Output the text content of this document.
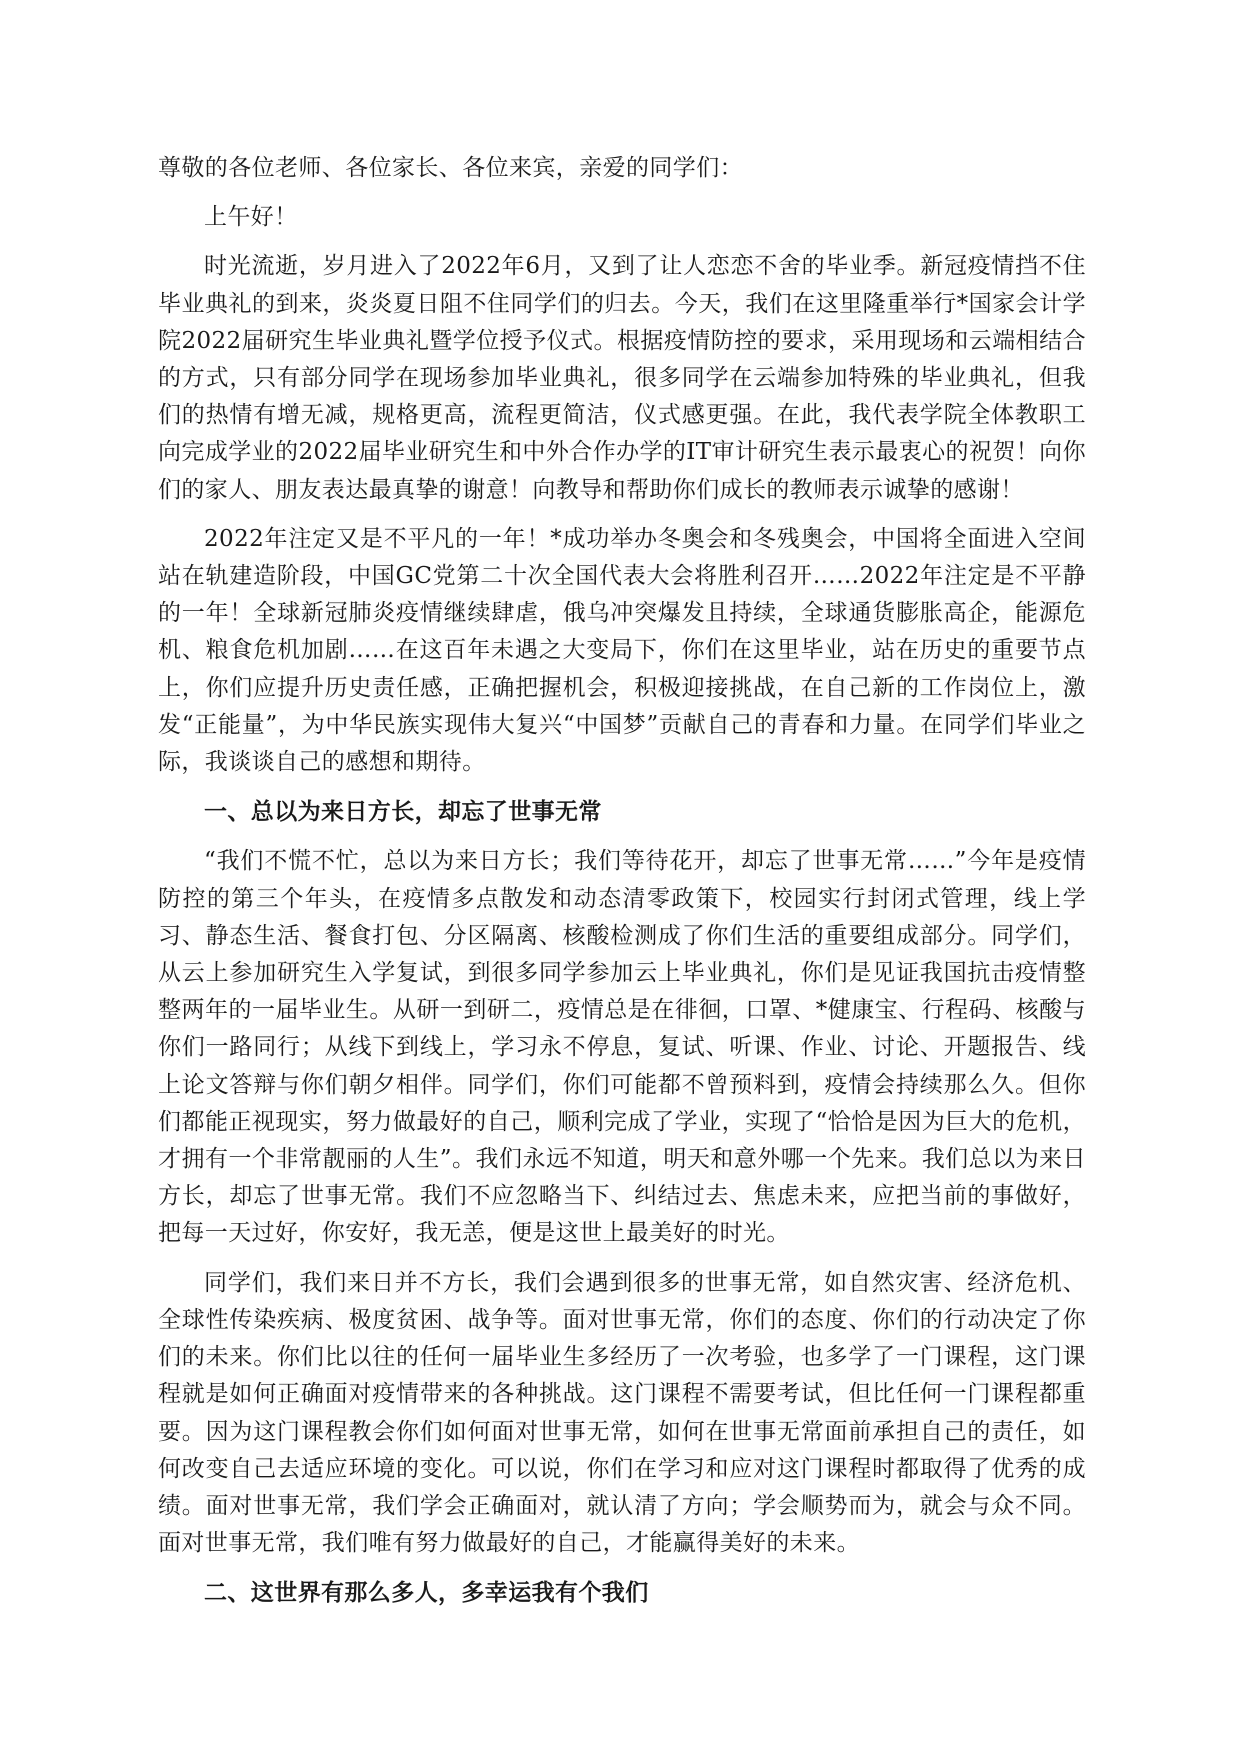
尊敬的各位老师、各位家长、各位来宾，亲爱的同学们：

上午好！

时光流逝，岁月进入了2022年6月，又到了让人恋恋不舍的毕业季。新冠疫情挡不住毕业典礼的到来，炎炎夏日阻不住同学们的归去。今天，我们在这里隆重举行*国家会计学院2022届研究生毕业典礼暨学位授予仪式。根据疫情防控的要求，采用现场和云端相结合的方式，只有部分同学在现场参加毕业典礼，很多同学在云端参加特殊的毕业典礼，但我们的热情有增无减，规格更高，流程更简洁，仪式感更强。在此，我代表学院全体教职工向完成学业的2022届毕业研究生和中外合作办学的IT审计研究生表示最衷心的祝贺！向你们的家人、朋友表达最真挚的谢意！向教导和帮助你们成长的教师表示诚挚的感谢！

2022年注定又是不平凡的一年！*成功举办冬奥会和冬残奥会，中国将全面进入空间站在轨建造阶段，中国GC党第二十次全国代表大会将胜利召开……2022年注定是不平静的一年！全球新冠肺炎疫情继续肆虐，俄乌冲突爆发且持续，全球通货膨胀高企，能源危机、粮食危机加剧……在这百年未遇之大变局下，你们在这里毕业，站在历史的重要节点上，你们应提升历史责任感，正确把握机会，积极迎接挑战，在自己新的工作岗位上，激发“正能量”，为中华民族实现伟大复兴“中国梦”贡献自己的青春和力量。在同学们毕业之际，我谈谈自己的感想和期待。

一、总以为来日方长，却忘了世事无常

“我们不慌不忙，总以为来日方长；我们等待花开，却忘了世事无常……”今年是疫情防控的第三个年头，在疫情多点散发和动态清零政策下，校园实行封闭式管理，线上学习、静态生活、餐食打包、分区隔离、核酸检测成了你们生活的重要组成部分。同学们，从云上参加研究生入学复试，到很多同学参加云上毕业典礼，你们是见证我国抗击疫情整整两年的一届毕业生。从研一到研二，疫情总是在徘徊，口罩、*健康宝、行程码、核酸与你们一路同行；从线下到线上，学习永不停息，复试、听课、作业、讨论、开题报告、线上论文答辩与你们朝夕相伴。同学们，你们可能都不曾预料到，疫情会持续那么久。但你们都能正视现实，努力做最好的自己，顺利完成了学业，实现了“恰恰是因为巨大的危机，才拥有一个非常靓丽的人生”。我们永远不知道，明天和意外哪一个先来。我们总以为来日方长，却忘了世事无常。我们不应忽略当下、纠结过去、焦虑未来，应把当前的事做好，把每一天过好，你安好，我无恙，便是这世上最美好的时光。

同学们，我们来日并不方长，我们会遇到很多的世事无常，如自然灾害、经济危机、全球性传染疾病、极度贫困、战争等。面对世事无常，你们的态度、你们的行动决定了你们的未来。你们比以往的任何一届毕业生多经历了一次考验，也多学了一门课程，这门课程就是如何正确面对疫情带来的各种挑战。这门课程不需要考试，但比任何一门课程都重要。因为这门课程教会你们如何面对世事无常，如何在世事无常面前承担自己的责任，如何改变自己去适应环境的变化。可以说，你们在学习和应对这门课程时都取得了优秀的成绩。面对世事无常，我们学会正确面对，就认清了方向；学会顺势而为，就会与众不同。面对世事无常，我们唯有努力做最好的自己，才能赢得美好的未来。

二、这世界有那么多人，多幸运我有个我们
